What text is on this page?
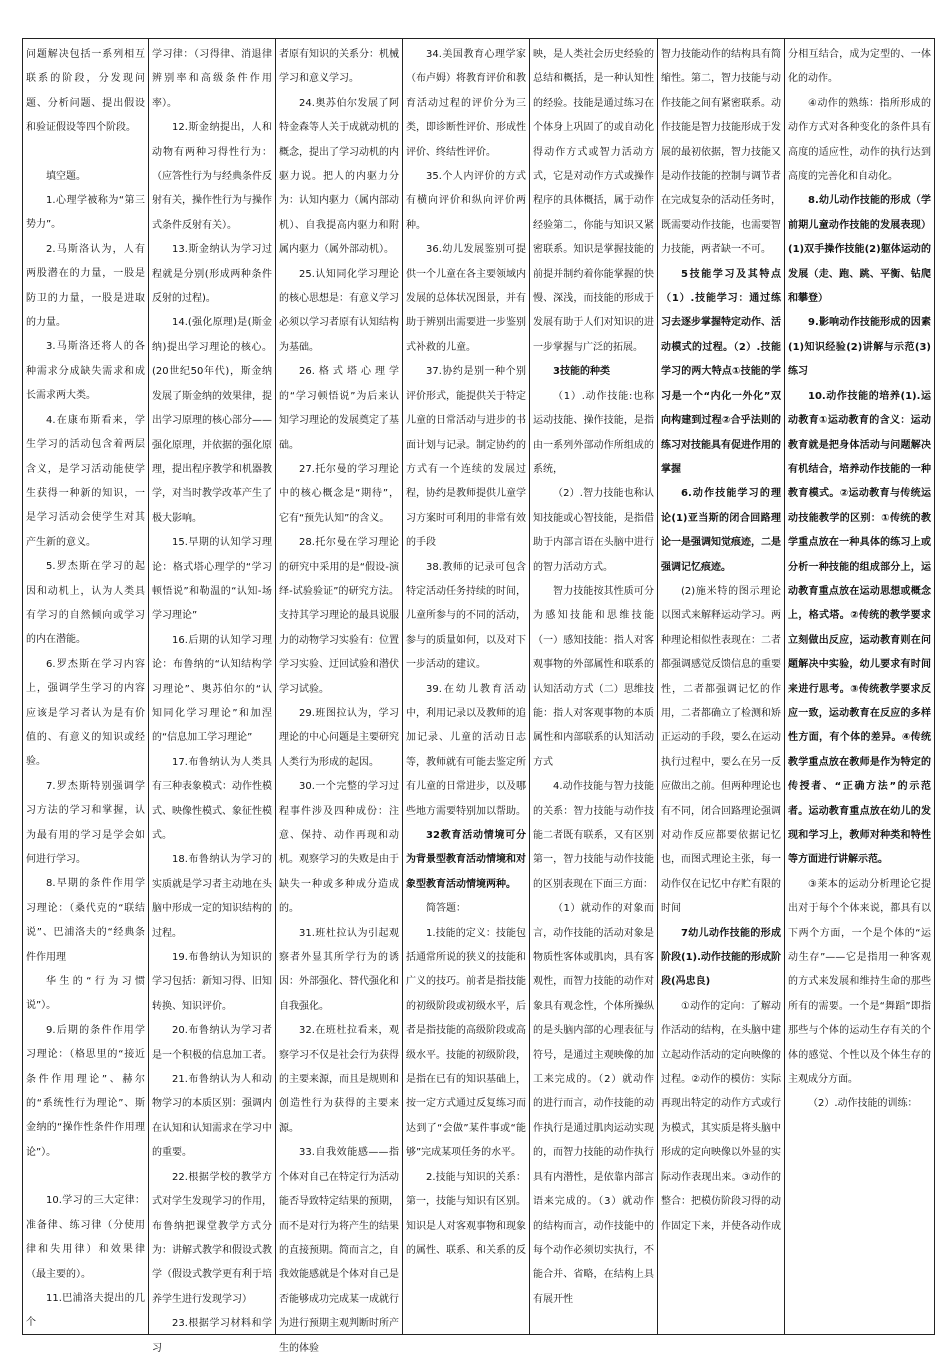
问题解决包括一系列相互联系的阶段，分发现问题、分析问题、提出假设和验证假设等四个阶段。

填空题。

1.心理学被称为“第三势力”。

2.马斯洛认为，人有两股潜在的力量，一股是防卫的力量，一股是进取的力量。

3.马斯洛还将人的各种需求分成缺失需求和成长需求两大类。

4.在康布斯看来，学生学习的活动包含着两层含义，是学习活动能使学生获得一种新的知识，一是学习活动会使学生对其产生新的意义。

5.罗杰斯在学习的起因和动机上，认为人类具有学习的自然倾向或学习的内在潜能。

6.罗杰斯在学习内容上，强调学生学习的内容应该是学习者认为是有价值的、有意义的知识或经验。

7.罗杰斯特别强调学习方法的学习和掌握，认为最有用的学习是学会如何进行学习。

8.早期的条件作用学习理论：（桑代克的“联结说”、巴浦洛夫的“经典条件作用理

华生的“行为习惯说”）。

9.后期的条件作用学习理论：（格思里的“接近条件作用理论”、赫尔的“系统性行为理论”、斯金纳的“操作性条件作用理论”）。

10.学习的三大定律：准备律、练习律（分使用律和失用律）和效果律（最主要的）。

11.巴浦洛夫提出的几个

学习律：（习得律、消退律辨别率和高级条件作用率）。

12.斯金纳提出，人和动物有两种习得性行为：（应答性行为与经典条件反射有关，操作性行为与操作式条件反射有关）。

13.斯金纳认为学习过程就是分别(形成两种条件反射的过程)。

14.(强化原理)是(斯金纳)提出学习理论的核心。(20世纪50年代)，斯金纳发展了斯金纳的效果律，提出学习原理的核心部分——强化原理，并依据的强化原理，提出程序教学和机器教学，对当时教学改革产生了极大影响。

15.早期的认知学习理论：格式塔心理学的“学习顿悟说”和勒温的“认知-场学习理论”

16.后期的认知学习理论：布鲁纳的“认知结构学习理论”、奥苏伯尔的“认知同化学习理论”和加涅的“信息加工学习理论”

17.布鲁纳认为人类具有三种表象模式：动作性模式、映像性模式、象征性模式。

18.布鲁纳认为学习的实质就是学习者主动地在头脑中形成一定的知识结构的过程。

19.布鲁纳认为知识的学习包括：新知习得、旧知转换、知识评价。

20.布鲁纳认为学习者是一个积极的信息加工者。

21.布鲁纳认为人和动物学习的本质区别：强调内在认知和认知需求在学习中的重要。

22.根据学校的教学方式对学生发现学习的作用，布鲁纳把课堂教学方式分为：讲解式教学和假设式教学（假设式教学更有利于培养学生进行发现学习）

23.根据学习材料和学习

者原有知识的关系分：机械学习和意义学习。

24.奥苏伯尔发展了阿特金森等人关于成就动机的概念，提出了学习动机的内驱力说。把人的内驱力分为：认知内驱力（属内部动机）、自我提高内驱力和附属内驱力（属外部动机）。

25.认知同化学习理论的核心思想是：有意义学习必须以学习者原有认知结构为基础。

26.格式塔心理学的“学习顿悟说”为后来认知学习理论的发展奠定了基础。

27.托尔曼的学习理论中的核心概念是“期待”，它有“预先认知”的含义。

28.托尔曼在学习理论的研究中采用的是“假设-演绎-试验验证”的研究方法。支持其学习理论的最具说服力的动物学习实验有：位置学习实验、迂回试验和潜伏学习试验。

29.班图拉认为，学习理论的中心问题是主要研究人类行为形成的起因。

30.一个完整的学习过程事件涉及四种成份：注意、保持、动作再现和动机。观察学习的失败是由于缺失一种或多种成分造成的。

31.班杜拉认为引起观察者外显其所学行为的诱因：外部强化、替代强化和自我强化。

32.在班杜拉看来，观察学习不仅是社会行为获得的主要来源，而且是规则和创造性行为获得的主要来源。

33.自我效能感——指个体对自己在特定行为活动能否导致特定结果的预期，而不是对行为将产生的结果的直接预期。简而言之，自我效能感就是个体对自己是否能够成功完成某一成就行为进行预期主观判断时所产生的体验

34.美国教育心理学家（布卢姆）将教育评价和教育活动过程的评价分为三类，即诊断性评价、形成性评价、终结性评价。

35.个人内评价的方式有横向评价和纵向评价两种。

36.幼儿发展鉴别可提供一个儿童在各主要领域内发展的总体状况图景，并有助于辨别出需要进一步鉴别式补救的儿童。

37.协约是别一种个别评价形式，能提供关于特定儿童的日常活动与进步的书面计划与记录。制定协约的方式有一个连续的发展过程，协约是教师提供儿童学习方案时可利用的非常有效的手段

38.教师的记录可包含特定活动任务持续的时间，儿童所参与的不同的活动，参与的质量如何，以及对下一步活动的建议。

39.在幼儿教育活动中，利用记录以及教师的追加记录、儿童的活动日志等，教师就有可能去鉴定所有儿童的日常进步，以及哪些地方需要特别加以帮助。

32教育活动情境可分为背景型教育活动情境和对象型教育活动情境两种。

简答题：

1.技能的定义：技能包括通常所说的狭义的技能和广义的技巧。前者是指技能的初级阶段或初级水平，后者是指技能的高级阶段或高级水平。技能的初级阶段，是指在已有的知识基础上，按一定方式通过反复练习而达到了“会做”某件事或“能够”完成某项任务的水平。

2.技能与知识的关系：第一，技能与知识有区别。知识是人对客观事物和现象的属性、联系、和关系的反

映，是人类社会历史经验的总结和概括，是一种认知性的经验。技能是通过练习在个体身上巩固了的或自动化得动作方式或智力活动方式，它是对动作方式或操作程序的具体概括，属于动作经验第二，你能与知识又紧密联系。知识是掌握技能的前提并制约着你能掌握的快慢、深浅，而技能的形成于发展有助于人们对知识的进一步掌握与广泛的拓展。

3技能的种类

（1）.动作技能:也称运动技能、操作技能，是指由一系列外部动作所组成的系统，

（2）.智力技能也称认知技能或心智技能，是指借助于内部言语在头脑中进行的智力活动方式。

智力技能按其性质可分为感知技能和思维技能（一）感知技能：指人对客观事物的外部属性和联系的认知活动方式（二）思维技能：指人对客观事物的本质属性和内部联系的认知活动方式

4.动作技能与智力技能的关系：智力技能与动作技能二者既有联系，又有区别第一，智力技能与动作技能的区别表现在下面三方面：

（1）就动作的对象而言，动作技能的活动对象是物质性客体或肌肉，具有客观性，而智力技能的动作对象具有观念性，个体所操纵的是头脑内部的心理表征与符号，是通过主观映像的加工来完成的。（2）就动作的进行而言，动作技能的动作执行是通过肌肉运动实现的，而智力技能的动作执行具有内潜性，是依靠内部言语来完成的。（3）就动作的结构而言，动作技能中的每个动作必须切实执行，不能合并、省略，在结构上具有展开性

智力技能动作的结构具有简缩性。第二，智力技能与动作技能之间有紧密联系。动作技能是智力技能形成于发展的最初依据，智力技能又是动作技能的控制与调节者在完成复杂的活动任务时，既需要动作技能，也需要智力技能，两者缺一不可。

5技能学习及其特点（1）.技能学习：通过练习去逐步掌握特定动作、活动模式的过程。（2）.技能学习的两大特点①技能的学习是一个“内化一外化”双向构建到过程②合乎法则的练习对技能具有促进作用的掌握

6.动作技能学习的理论(1)亚当斯的闭合回路理论一是强调知觉痕迹，二是强调记忆痕迹。

(2)施米特的图示理论以图式来解释运动学习。两种理论相似性表现在：二者都强调感觉反馈信息的重要性，二者都强调记忆的作用，二者都确立了检测和矫正运动的手段，要么在运动执行过程中，要么在另一反应做出之前。但两种理论也有不同，闭合回路理论强调对动作反应都要依据记忆也，而图式理论主张，每一动作仅在记忆中存贮有限的时间

7幼儿动作技能的形成阶段(1).动作技能的形成阶段(冯忠良)

①动作的定向：了解动作活动的结构，在头脑中建立起动作活动的定向映像的过程。②动作的模仿：实际再现出特定的动作方式或行为模式，其实质是将头脑中形成的定向映像以外显的实际动作表现出来。③动作的整合：把模仿阶段习得的动作固定下来，并使各动作成

分相互结合，成为定型的、一体化的动作。

④动作的熟练：指所形成的动作方式对各种变化的条件具有高度的适应性，动作的执行达到高度的完善化和自动化。

8.幼儿动作技能的形成（学前期儿童动作技能的发展表现）(1)双手操作技能(2)躯体运动的发展（走、跑、跳、平衡、钻爬和攀登）

9.影响动作技能形成的因素(1)知识经验(2)讲解与示范(3)练习

10.动作技能的培养(1).运动教育①运动教育的含义：运动教育就是把身体活动与问题解决有机结合，培养动作技能的一种教育模式。②运动教育与传统运动技能教学的区别：①传统的教学重点放在一种具体的练习上或分析一种技能的组成部分上，运动教育重点放在运动思想或概念上，格式塔。②传统的教学要求立刻做出反应，运动教育则在问题解决中实验，幼儿要求有时间来进行思考。③传统教学要求反应一致，运动教育在反应的多样性方面，有个体的差异。④传统教学重点放在教师是作为特定的传授者、“正确方法”的示范者。运动教育重点放在幼儿的发现和学习上，教师对种类和特性等方面进行讲解示范。

③莱本的运动分析理论它提出对于每个个体来说，都具有以下两个方面，一个是个体的“运动生存”——它是指用一种客观的方式来发展和维持生命的那些所有的需要。一个是“舞蹈”即指那些与个体的运动生存有关的个体的感觉、个性以及个体生存的主观成分方面。

（2）.动作技能的训练：
